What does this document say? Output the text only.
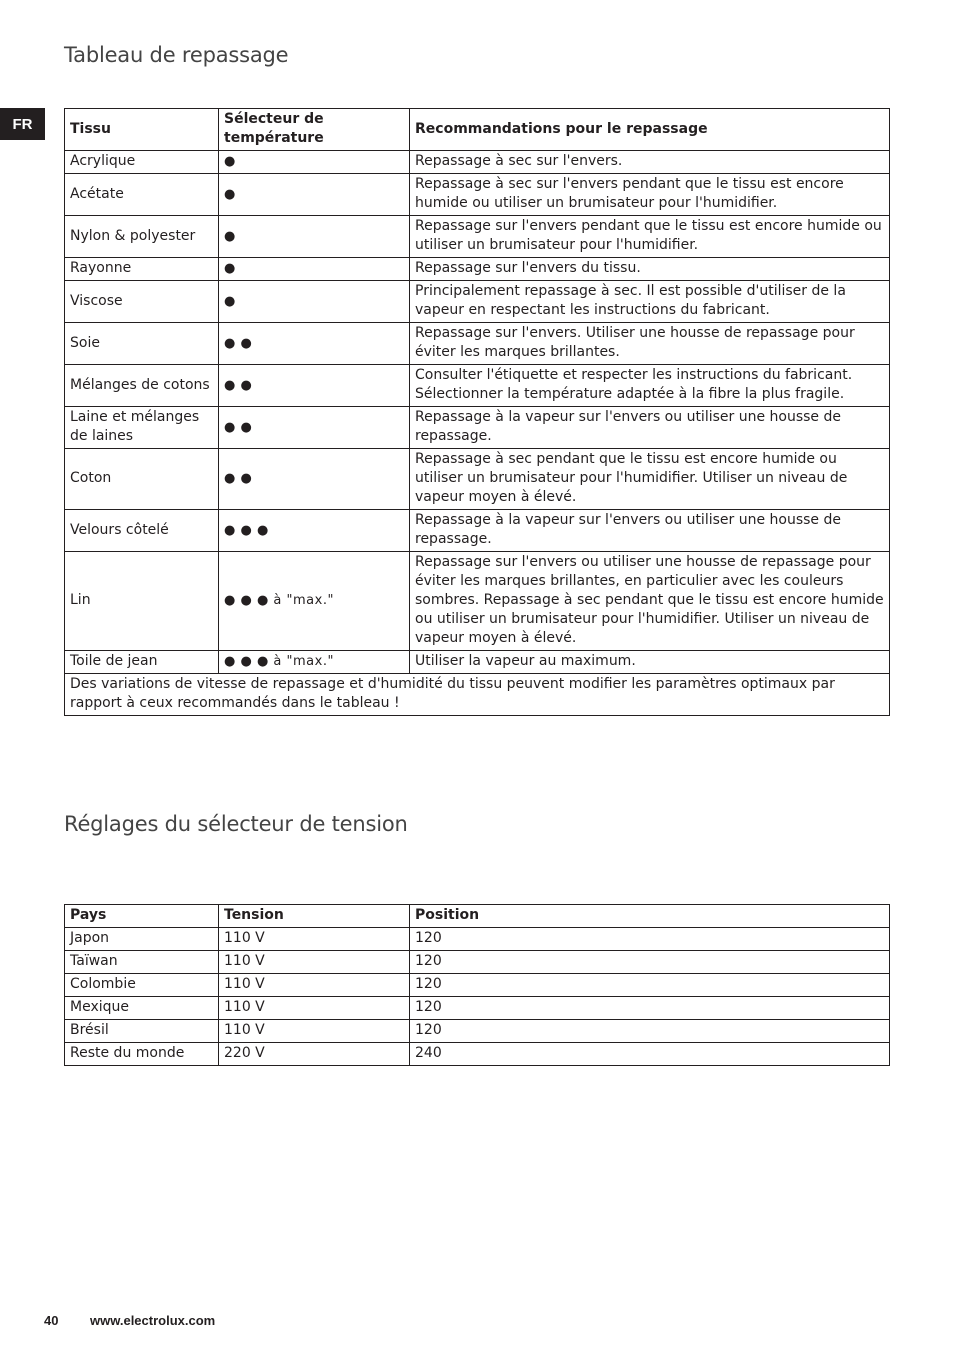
FR
Tableau de repassage
Tissu	Sélecteur de température	Recommandations pour le repassage
Acrylique	●	Repassage à sec sur l'envers.
Acétate	●	Repassage à sec sur l'envers pendant que le tissu est encore humide ou utiliser un brumisateur pour l'humidifier.
Nylon & polyester	●	Repassage sur l'envers pendant que le tissu est encore humide ou utiliser un brumisateur pour l'humidifier.
Rayonne	●	Repassage sur l'envers du tissu.
Viscose	●	Principalement repassage à sec. Il est possible d'utiliser de la vapeur en respectant les instructions du fabricant.
Soie	● ●	Repassage sur l'envers. Utiliser une housse de repassage pour éviter les marques brillantes.
Mélanges de cotons	● ●	Consulter l'étiquette et respecter les instructions du fabricant. Sélectionner la température adaptée à la fibre la plus fragile.
Laine et mélanges de laines	● ●	Repassage à la vapeur sur l'envers ou utiliser une housse de repassage.
Coton	● ●	Repassage à sec pendant que le tissu est encore humide ou utiliser un brumisateur pour l'humidifier. Utiliser un niveau de vapeur moyen à élevé.
Velours côtelé	● ● ●	Repassage à la vapeur sur l'envers ou utiliser une housse de repassage.
Lin	● ● ● à "max."	Repassage sur l'envers ou utiliser une housse de repassage pour éviter les marques brillantes, en particulier avec les couleurs sombres. Repassage à sec pendant que le tissu est encore humide ou utiliser un brumisateur pour l'humidifier. Utiliser un niveau de vapeur moyen à élevé.
Toile de jean	● ● ● à "max."	Utiliser la vapeur au maximum.
Des variations de vitesse de repassage et d'humidité du tissu peuvent modifier les paramètres optimaux par rapport à ceux recommandés dans le tableau !		
Réglages du sélecteur de tension
Pays	Tension	Position
Japon	110 V	120
Taïwan	110 V	120
Colombie	110 V	120
Mexique	110 V	120
Brésil	110 V	120
Reste du monde	220 V	240
40 www.electrolux.com
